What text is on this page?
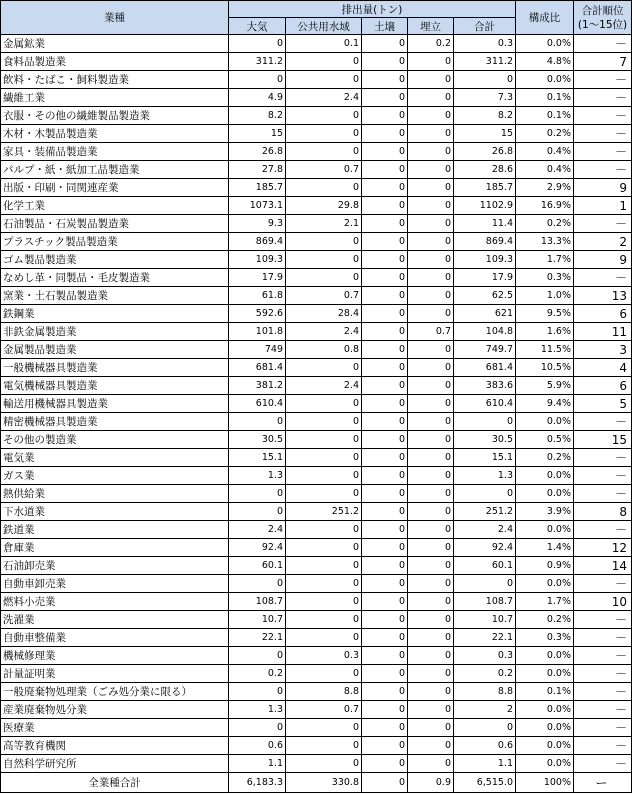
業種	排出量(トン)					構成比	合計順位
(1〜15位)
	大気	公共用水域	土壌	埋立	合計		
金属鉱業	0	0.1	0	0.2	0.3	0.0%	－
食料品製造業	311.2	0	0	0	311.2	4.8%	7
飲料・たばこ・飼料製造業	0	0	0	0	0	0.0%	－
繊維工業	4.9	2.4	0	0	7.3	0.1%	－
衣服・その他の繊維製品製造業	8.2	0	0	0	8.2	0.1%	－
木材・木製品製造業	15	0	0	0	15	0.2%	－
家具・装備品製造業	26.8	0	0	0	26.8	0.4%	－
パルプ・紙・紙加工品製造業	27.8	0.7	0	0	28.6	0.4%	－
出版・印刷・同関連産業	185.7	0	0	0	185.7	2.9%	9
化学工業	1073.1	29.8	0	0	1102.9	16.9%	1
石油製品・石炭製品製造業	9.3	2.1	0	0	11.4	0.2%	－
プラスチック製品製造業	869.4	0	0	0	869.4	13.3%	2
ゴム製品製造業	109.3	0	0	0	109.3	1.7%	9
なめし革・同製品・毛皮製造業	17.9	0	0	0	17.9	0.3%	－
窯業・土石製品製造業	61.8	0.7	0	0	62.5	1.0%	13
鉄鋼業	592.6	28.4	0	0	621	9.5%	6
非鉄金属製造業	101.8	2.4	0	0.7	104.8	1.6%	11
金属製品製造業	749	0.8	0	0	749.7	11.5%	3
一般機械器具製造業	681.4	0	0	0	681.4	10.5%	4
電気機械器具製造業	381.2	2.4	0	0	383.6	5.9%	6
輸送用機械器具製造業	610.4	0	0	0	610.4	9.4%	5
精密機械器具製造業	0	0	0	0	0	0.0%	－
その他の製造業	30.5	0	0	0	30.5	0.5%	15
電気業	15.1	0	0	0	15.1	0.2%	－
ガス業	1.3	0	0	0	1.3	0.0%	－
熱供給業	0	0	0	0	0	0.0%	－
下水道業	0	251.2	0	0	251.2	3.9%	8
鉄道業	2.4	0	0	0	2.4	0.0%	－
倉庫業	92.4	0	0	0	92.4	1.4%	12
石油卸売業	60.1	0	0	0	60.1	0.9%	14
自動車卸売業	0	0	0	0	0	0.0%	－
燃料小売業	108.7	0	0	0	108.7	1.7%	10
洗濯業	10.7	0	0	0	10.7	0.2%	－
自動車整備業	22.1	0	0	0	22.1	0.3%	－
機械修理業	0	0.3	0	0	0.3	0.0%	－
計量証明業	0.2	0	0	0	0.2	0.0%	－
一般廃棄物処理業（ごみ処分業に限る）	0	8.8	0	0	8.8	0.1%	－
産業廃棄物処分業	1.3	0.7	0	0	2	0.0%	－
医療業	0	0	0	0	0	0.0%	－
高等教育機関	0.6	0	0	0	0.6	0.0%	－
自然科学研究所	1.1	0	0	0	1.1	0.0%	－
全業種合計	6,183.3	330.8	0	0.9	6,515.0	100%	ー
